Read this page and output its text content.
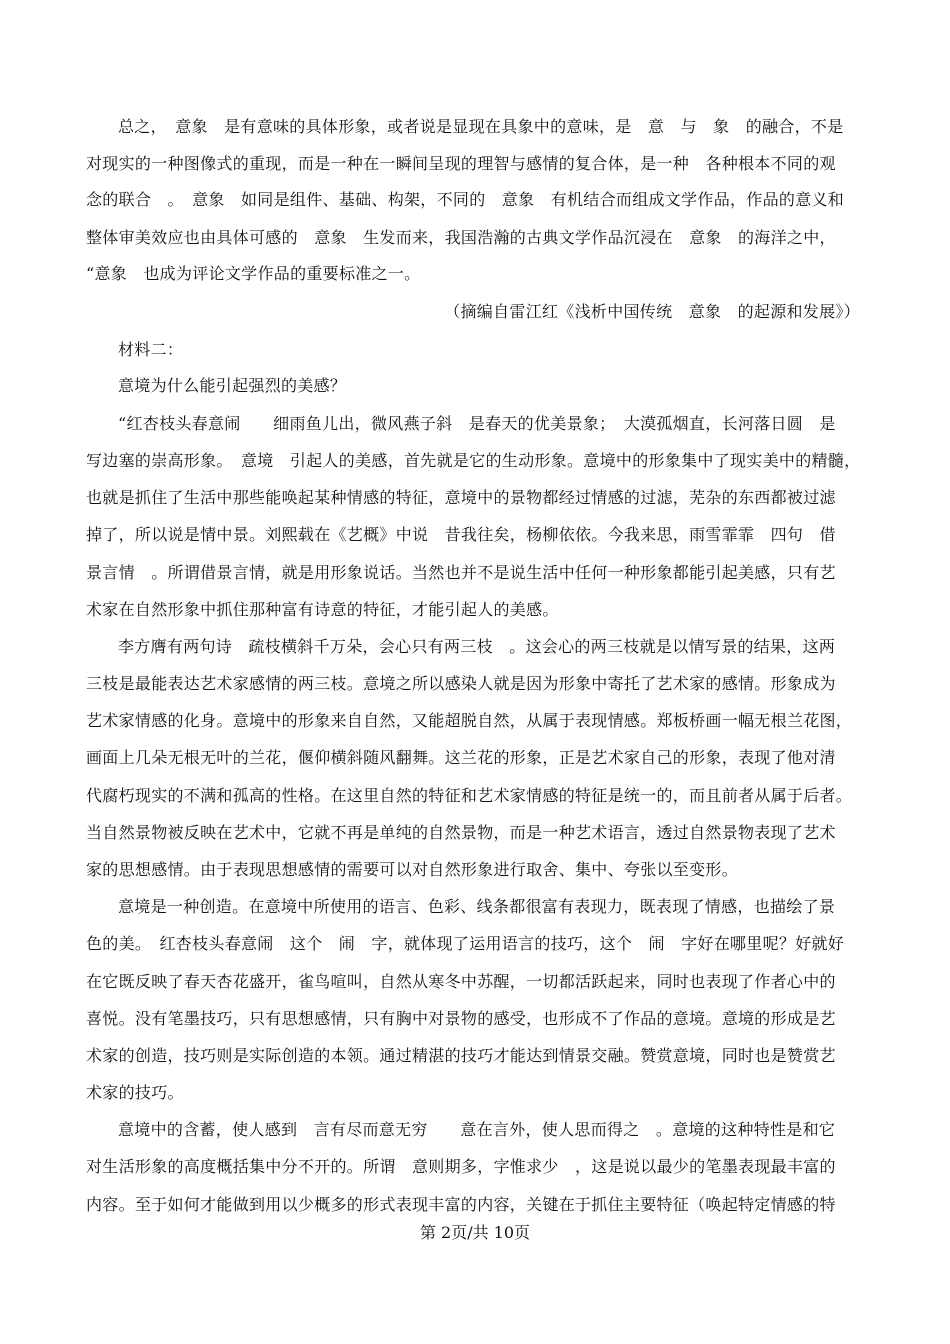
总之，　意象　是有意味的具体形象，或者说是显现在具象中的意味，是　意　与　象　的融合，不是
对现实的一种图像式的重现，而是一种在一瞬间呈现的理智与感情的复合体，是一种　各种根本不同的观
念的联合　。　意象　如同是组件、基础、构架，不同的　意象　有机结合而组成文学作品，作品的意义和
整体审美效应也由具体可感的　意象　生发而来，我国浩瀚的古典文学作品沉浸在　意象　的海洋之中，
“意象　也成为评论文学作品的重要标准之一。
（摘编自雷江红《浅析中国传统　意象　的起源和发展》）
材料二：
意境为什么能引起强烈的美感？
“红杏枝头春意闹　　细雨鱼儿出，微风燕子斜　是春天的优美景象；　大漠孤烟直，长河落日圆　是
写边塞的崇高形象。　意境　引起人的美感，首先就是它的生动形象。意境中的形象集中了现实美中的精髓，
也就是抓住了生活中那些能唤起某种情感的特征，意境中的景物都经过情感的过滤，芜杂的东西都被过滤
掉了，所以说是情中景。刘熙载在《艺概》中说　昔我往矣，杨柳依依。今我来思，雨雪霏霏　四句　借
景言情　。所谓借景言情，就是用形象说话。当然也并不是说生活中任何一种形象都能引起美感，只有艺
术家在自然形象中抓住那种富有诗意的特征，才能引起人的美感。
李方膺有两句诗　疏枝横斜千万朵，会心只有两三枝　。这会心的两三枝就是以情写景的结果，这两
三枝是最能表达艺术家感情的两三枝。意境之所以感染人就是因为形象中寄托了艺术家的感情。形象成为
艺术家情感的化身。意境中的形象来自自然，又能超脱自然，从属于表现情感。郑板桥画一幅无根兰花图，
画面上几朵无根无叶的兰花，偃仰横斜随风翻舞。这兰花的形象，正是艺术家自己的形象，表现了他对清
代腐朽现实的不满和孤高的性格。在这里自然的特征和艺术家情感的特征是统一的，而且前者从属于后者。
当自然景物被反映在艺术中，它就不再是单纯的自然景物，而是一种艺术语言，透过自然景物表现了艺术
家的思想感情。由于表现思想感情的需要可以对自然形象进行取舍、集中、夸张以至变形。
意境是一种创造。在意境中所使用的语言、色彩、线条都很富有表现力，既表现了情感，也描绘了景
色的美。　红杏枝头春意闹　这个　闹　字，就体现了运用语言的技巧，这个　闹　字好在哪里呢？好就好
在它既反映了春天杏花盛开，雀鸟喧叫，自然从寒冬中苏醒，一切都活跃起来，同时也表现了作者心中的
喜悦。没有笔墨技巧，只有思想感情，只有胸中对景物的感受，也形成不了作品的意境。意境的形成是艺
术家的创造，技巧则是实际创造的本领。通过精湛的技巧才能达到情景交融。赞赏意境，同时也是赞赏艺
术家的技巧。
意境中的含蓄，使人感到　言有尽而意无穷　　意在言外，使人思而得之　。意境的这种特性是和它
对生活形象的高度概括集中分不开的。所谓　意则期多，字惟求少　，这是说以最少的笔墨表现最丰富的
内容。至于如何才能做到用以少概多的形式表现丰富的内容，关键在于抓住主要特征（唤起特定情感的特
第 2页/共 10页
